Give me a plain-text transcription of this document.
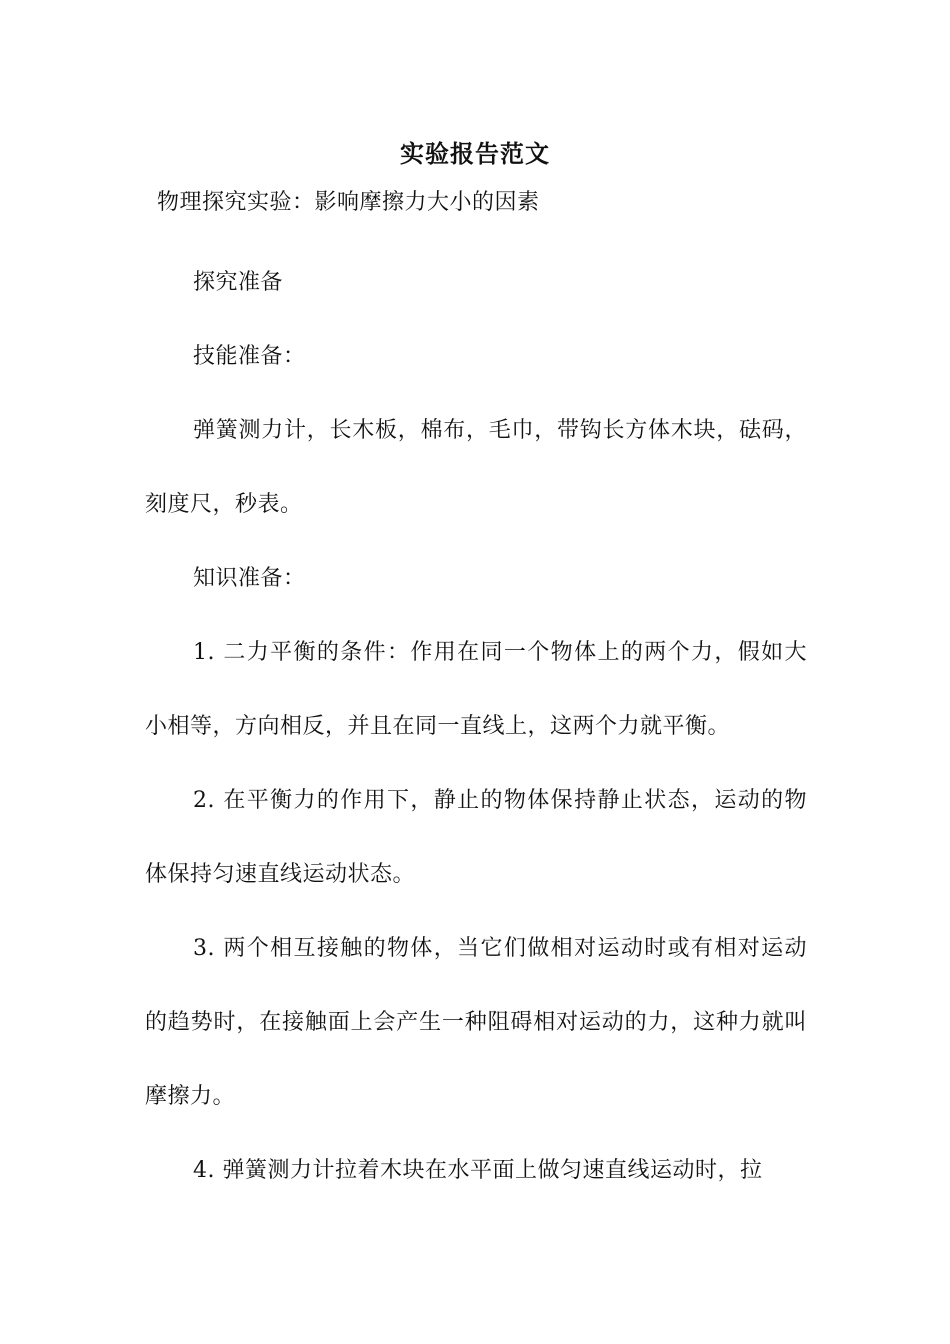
实验报告范文
物理探究实验：影响摩擦力大小的因素

探究准备

技能准备：

弹簧测力计，长木板，棉布，毛巾，带钩长方体木块，砝码，刻度尺，秒表。

知识准备：

1. 二力平衡的条件：作用在同一个物体上的两个力，假如大小相等，方向相反，并且在同一直线上，这两个力就平衡。

2. 在平衡力的作用下，静止的物体保持静止状态，运动的物体保持匀速直线运动状态。

3. 两个相互接触的物体，当它们做相对运动时或有相对运动的趋势时，在接触面上会产生一种阻碍相对运动的力，这种力就叫摩擦力。

4. 弹簧测力计拉着木块在水平面上做匀速直线运动时，拉
